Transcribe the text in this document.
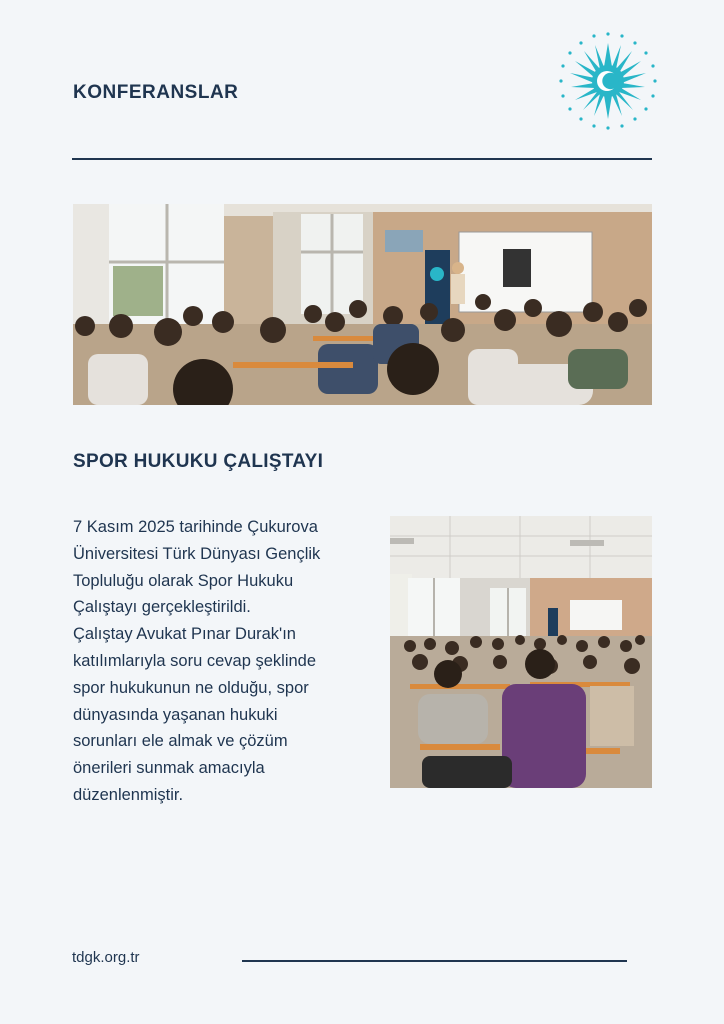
KONFERANSLAR
SPOR HUKUKU ÇALIŞTAYI
7 Kasım 2025 tarihinde Çukurova
Üniversitesi Türk Dünyası Gençlik
Topluluğu olarak Spor Hukuku
Çalıştayı gerçekleştirildi.
Çalıştay Avukat Pınar Durak'ın
katılımlarıyla soru cevap şeklinde
spor hukukunun ne olduğu, spor
dünyasında yaşanan hukuki
sorunları ele almak ve çözüm
önerileri sunmak amacıyla
düzenlenmiştir.
tdgk.org.tr
